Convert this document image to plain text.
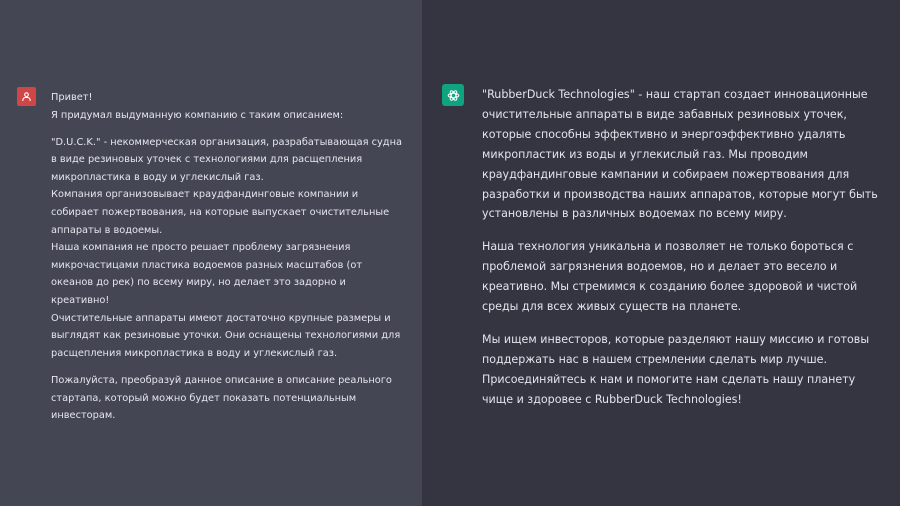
Привет!

Я придумал выдуманную компанию с таким описанием:

"D.U.C.K." - некоммерческая организация, разрабатывающая судна в виде резиновых уточек с технологиями для расщепления микропластика в воду и углекислый газ.

Компания организовывает краудфандинговые компании и собирает пожертвования, на которые выпускает очистительные аппараты в водоемы.

Наша компания не просто решает проблему загрязнения микрочастицами пластика водоемов разных масштабов (от океанов до рек) по всему миру, но делает это задорно и креативно!

Очистительные аппараты имеют достаточно крупные размеры и выглядят как резиновые уточки. Они оснащены технологиями для расщепления микропластика в воду и углекислый газ.

Пожалуйста, преобразуй данное описание в описание реального стартапа, который можно будет показать потенциальным инвесторам.

"RubberDuck Technologies" - наш стартап создает инновационные очистительные аппараты в виде забавных резиновых уточек, которые способны эффективно и энергоэффективно удалять микропластик из воды и углекислый газ. Мы проводим краудфандинговые кампании и собираем пожертвования для разработки и производства наших аппаратов, которые могут быть установлены в различных водоемах по всему миру.

Наша технология уникальна и позволяет не только бороться с проблемой загрязнения водоемов, но и делает это весело и креативно. Мы стремимся к созданию более здоровой и чистой среды для всех живых существ на планете.

Мы ищем инвесторов, которые разделяют нашу миссию и готовы поддержать нас в нашем стремлении сделать мир лучше. Присоединяйтесь к нам и помогите нам сделать нашу планету чище и здоровее с RubberDuck Technologies!
